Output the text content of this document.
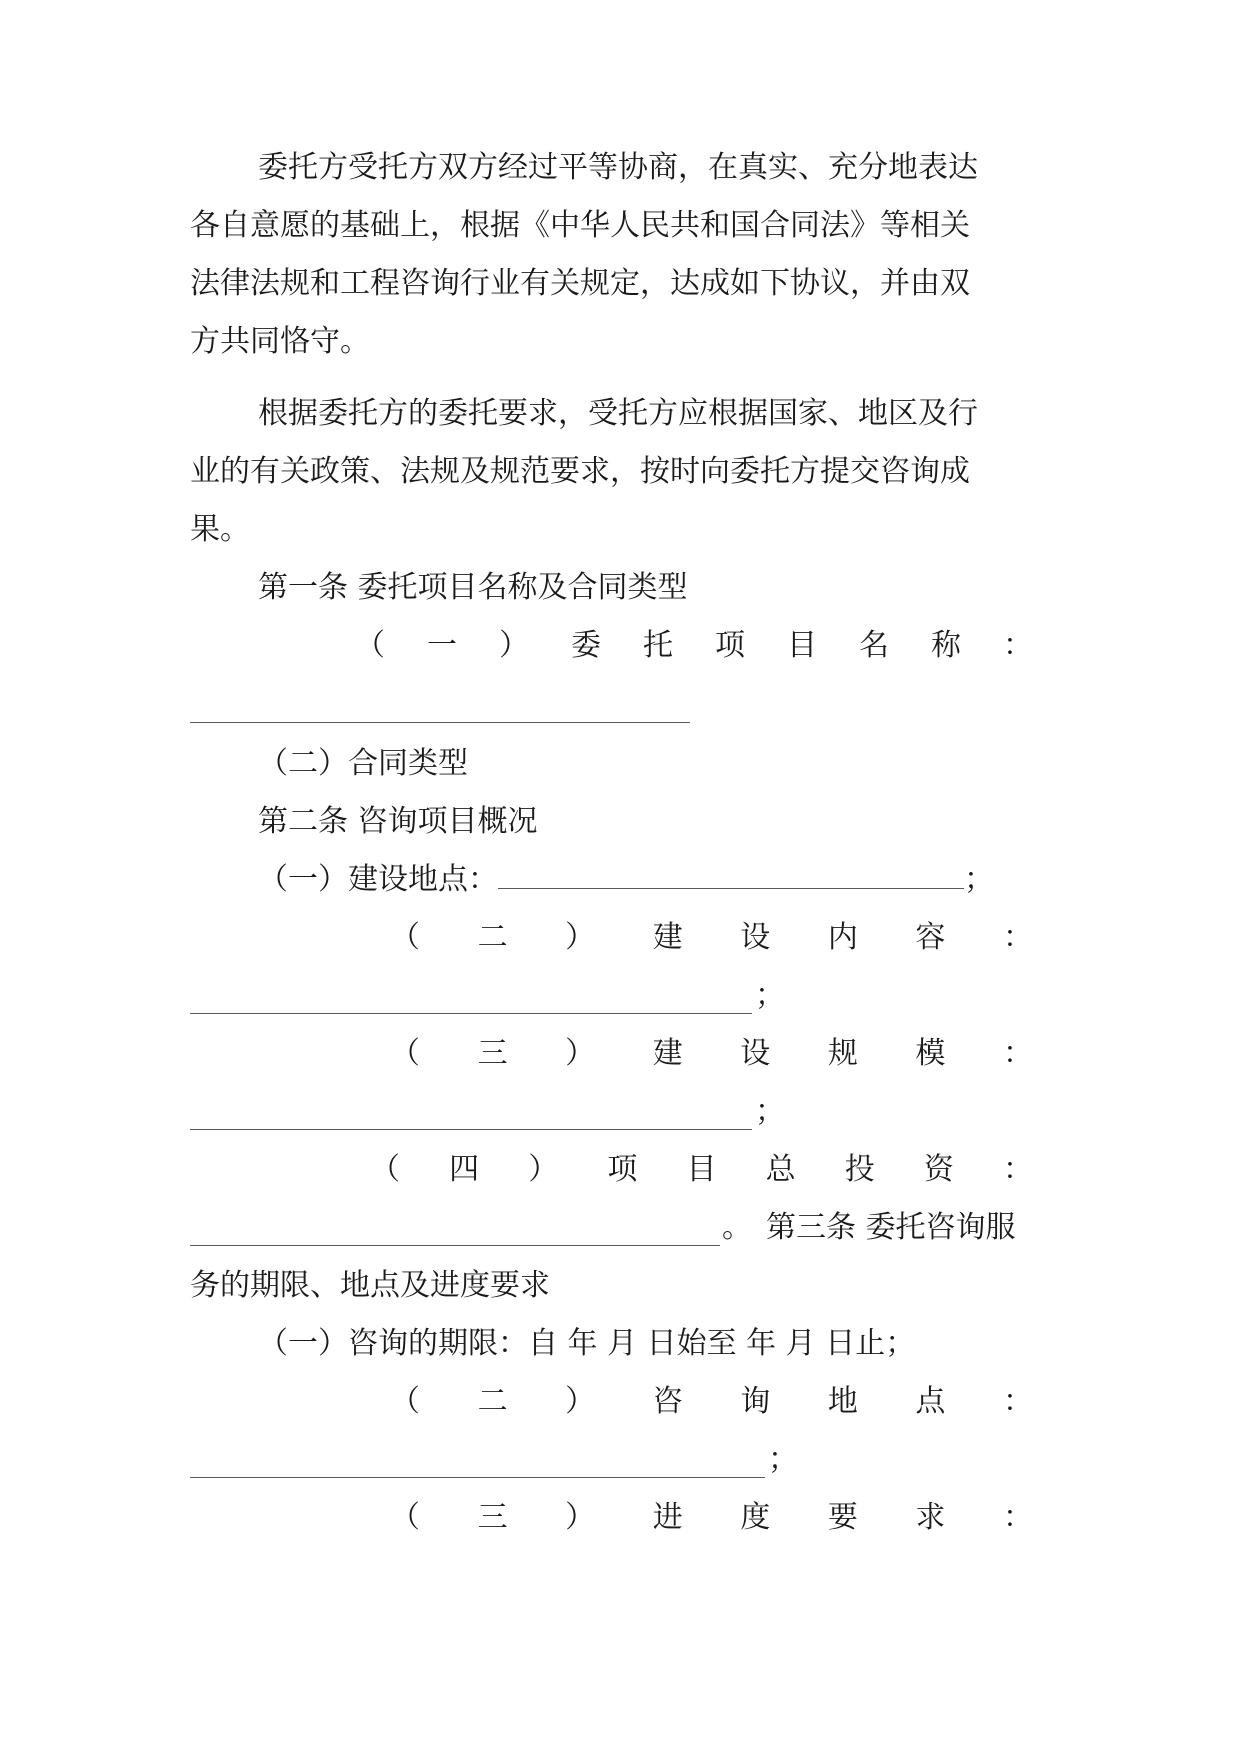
委托方受托方双方经过平等协商，在真实、充分地表达
各自意愿的基础上，根据《中华人民共和国合同法》等相关
法律法规和工程咨询行业有关规定，达成如下协议，并由双
方共同恪守。
根据委托方的委托要求，受托方应根据国家、地区及行
业的有关政策、法规及规范要求，按时向委托方提交咨询成
果。
第一条 委托项目名称及合同类型
（ 一 ） 委 托 项 目 名 称 ：
（二）合同类型
第二条 咨询项目概况
（一）建设地点：	；
（ 二 ） 建 设 内 容 ：
；
（ 三 ） 建 设 规 模 ：
；
（ 四 ） 项 目 总 投 资 ：
。 第三条 委托咨询服
务的期限、地点及进度要求
（一）咨询的期限：自 年 月 日始至 年 月 日止；
（ 二 ） 咨 询 地 点 ：
；
（ 三 ） 进 度 要 求 ：
